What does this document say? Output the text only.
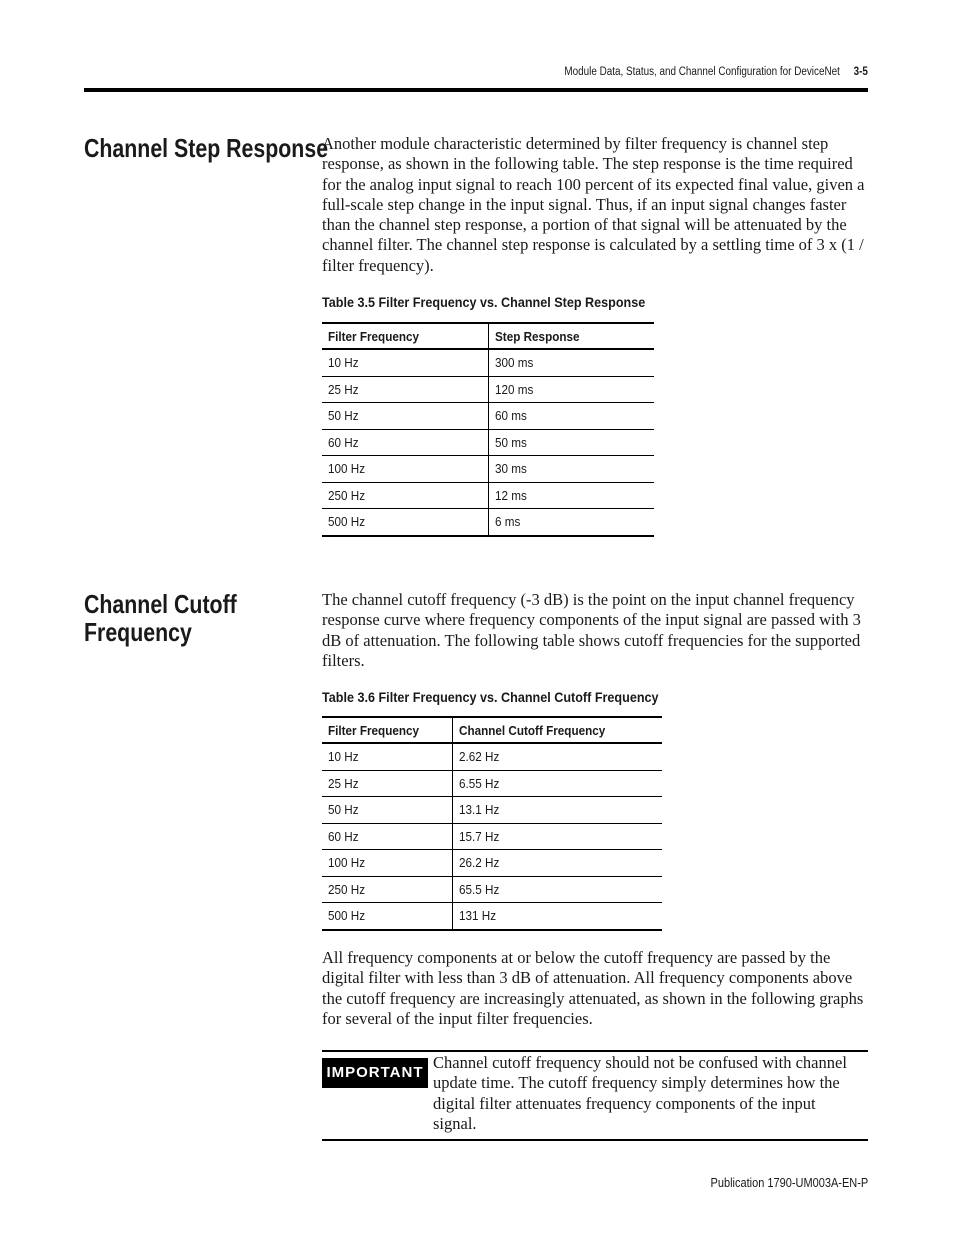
Module Data, Status, and Channel Configuration for DeviceNet 3-5
Channel Step Response

Another module characteristic determined by filter frequency is channel step response, as shown in the following table. The step response is the time required for the analog input signal to reach 100 percent of its expected final value, given a full-scale step change in the input signal. Thus, if an input signal changes faster than the channel step response, a portion of that signal will be attenuated by the channel filter. The channel step response is calculated by a settling time of 3 x (1 / filter frequency).

Table 3.5 Filter Frequency vs. Channel Step Response
Filter Frequency	Step Response
10 Hz	300 ms
25 Hz	120 ms
50 Hz	60 ms
60 Hz	50 ms
100 Hz	30 ms
250 Hz	12 ms
500 Hz	6 ms
Channel Cutoff
Frequency

The channel cutoff frequency (-3 dB) is the point on the input channel frequency response curve where frequency components of the input signal are passed with 3 dB of attenuation. The following table shows cutoff frequencies for the supported filters.

Table 3.6 Filter Frequency vs. Channel Cutoff Frequency
Filter Frequency	Channel Cutoff Frequency
10 Hz	2.62 Hz
25 Hz	6.55 Hz
50 Hz	13.1 Hz
60 Hz	15.7 Hz
100 Hz	26.2 Hz
250 Hz	65.5 Hz
500 Hz	131 Hz

All frequency components at or below the cutoff frequency are passed by the digital filter with less than 3 dB of attenuation. All frequency components above the cutoff frequency are increasingly attenuated, as shown in the following graphs for several of the input filter frequencies.

IMPORTANT

Channel cutoff frequency should not be confused with channel update time. The cutoff frequency simply determines how the digital filter attenuates frequency components of the input signal.

Publication 1790-UM003A-EN-P
